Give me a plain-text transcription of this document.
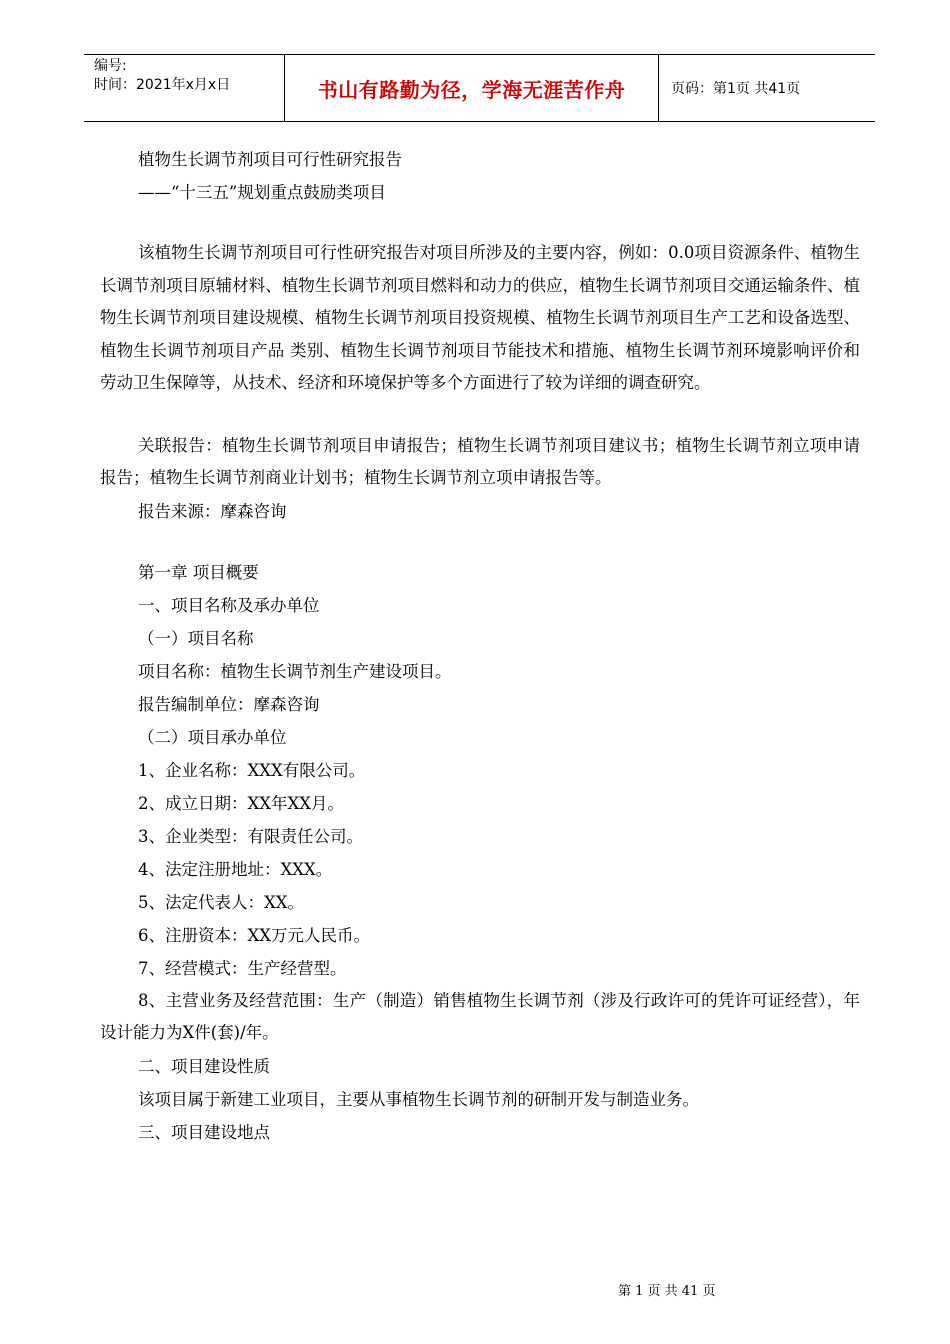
编号:
时间：2021年x月x日	书山有路勤为径，学海无涯苦作舟	页码：第1页 共41页
植物生长调节剂项目可行性研究报告
——“十三五”规划重点鼓励类项目
该植物生长调节剂项目可行性研究报告对项目所涉及的主要内容，例如：0.0项目资源条件、植物生长调节剂项目原辅材料、植物生长调节剂项目燃料和动力的供应，植物生长调节剂项目交通运输条件、植物生长调节剂项目建设规模、植物生长调节剂项目投资规模、植物生长调节剂项目生产工艺和设备选型、植物生长调节剂项目产品 类别、植物生长调节剂项目节能技术和措施、植物生长调节剂环境影响评价和劳动卫生保障等，从技术、经济和环境保护等多个方面进行了较为详细的调查研究。
关联报告：植物生长调节剂项目申请报告；植物生长调节剂项目建议书；植物生长调节剂立项申请报告；植物生长调节剂商业计划书；植物生长调节剂立项申请报告等。
报告来源：摩森咨询
第一章 项目概要
一、项目名称及承办单位
（一）项目名称
项目名称：植物生长调节剂生产建设项目。
报告编制单位：摩森咨询
（二）项目承办单位
1、企业名称：XXX有限公司。
2、成立日期：XX年XX月。
3、企业类型：有限责任公司。
4、法定注册地址：XXX。
5、法定代表人：XX。
6、注册资本：XX万元人民币。
7、经营模式：生产经营型。
8、主营业务及经营范围：生产（制造）销售植物生长调节剂（涉及行政许可的凭许可证经营），年设计能力为X件(套)/年。
二、项目建设性质
该项目属于新建工业项目，主要从事植物生长调节剂的研制开发与制造业务。
三、项目建设地点
第 1 页 共 41 页
